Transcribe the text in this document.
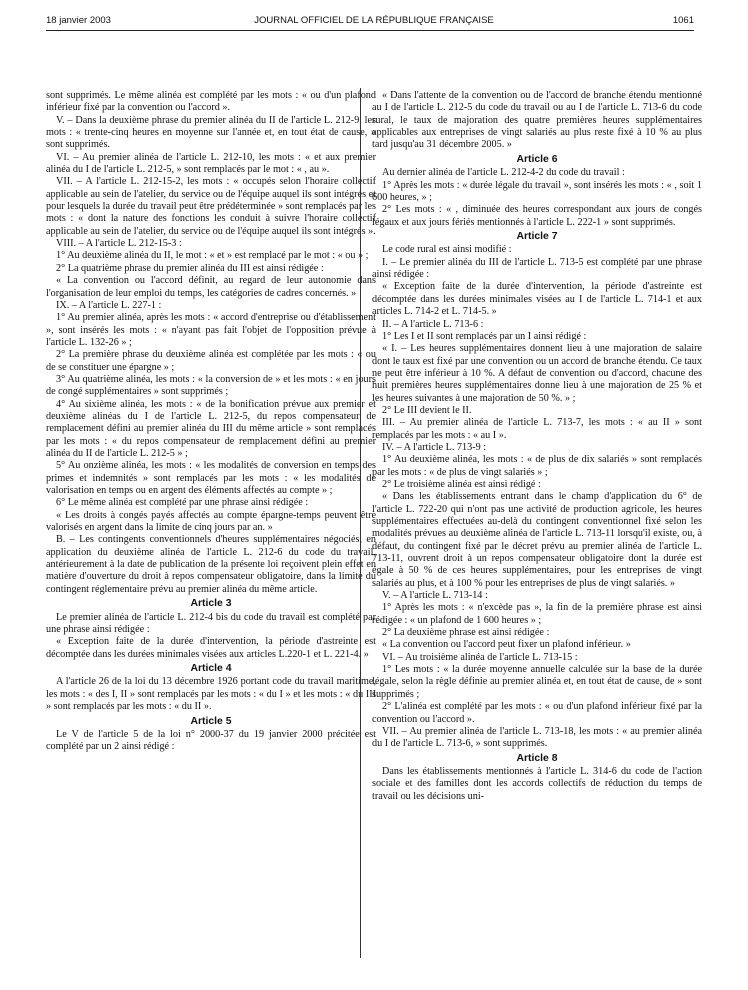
18 janvier 2003	JOURNAL OFFICIEL DE LA RÉPUBLIQUE FRANÇAISE	1061

sont supprimés. Le même alinéa est complété par les mots : « ou d'un plafond inférieur fixé par la convention ou l'accord ».

V. – Dans la deuxième phrase du premier alinéa du II de l'article L. 212-9, les mots : « trente-cinq heures en moyenne sur l'année et, en tout état de cause, » sont supprimés.

VI. – Au premier alinéa de l'article L. 212-10, les mots : « et aux premier alinéa du I de l'article L. 212-5, » sont remplacés par le mot : « , au ».

VII. – A l'article L. 212-15-2, les mots : « occupés selon l'horaire collectif applicable au sein de l'atelier, du service ou de l'équipe auquel ils sont intégrés et pour lesquels la durée du travail peut être prédéterminée » sont remplacés par les mots : « dont la nature des fonctions les conduit à suivre l'horaire collectif applicable au sein de l'atelier, du service ou de l'équipe auquel ils sont intégrés ».

VIII. – A l'article L. 212-15-3 :

1° Au deuxième alinéa du II, le mot : « et » est remplacé par le mot : « ou » ;

2° La quatrième phrase du premier alinéa du III est ainsi rédigée :

« La convention ou l'accord définit, au regard de leur autonomie dans l'organisation de leur emploi du temps, les catégories de cadres concernés. »

IX. – A l'article L. 227-1 :

1° Au premier alinéa, après les mots : « accord d'entreprise ou d'établissement », sont insérés les mots : « n'ayant pas fait l'objet de l'opposition prévue à l'article L. 132-26 » ;

2° La première phrase du deuxième alinéa est complétée par les mots : « ou de se constituer une épargne » ;

3° Au quatrième alinéa, les mots : « la conversion de » et les mots : « en jours de congé supplémentaires » sont supprimés ;

4° Au sixième alinéa, les mots : « de la bonification prévue aux premier et deuxième alinéas du I de l'article L. 212-5, du repos compensateur de remplacement défini au premier alinéa du III du même article » sont remplacés par les mots : « du repos compensateur de remplacement défini au premier alinéa du II de l'article L. 212-5 » ;

5° Au onzième alinéa, les mots : « les modalités de conversion en temps des primes et indemnités » sont remplacés par les mots : « les modalités de valorisation en temps ou en argent des éléments affectés au compte » ;

6° Le même alinéa est complété par une phrase ainsi rédigée :

« Les droits à congés payés affectés au compte épargne-temps peuvent être valorisés en argent dans la limite de cinq jours par an. »

B. – Les contingents conventionnels d'heures supplémentaires négociés, en application du deuxième alinéa de l'article L. 212-6 du code du travail, antérieurement à la date de publication de la présente loi reçoivent plein effet en matière d'ouverture du droit à repos compensateur obligatoire, dans la limite du contingent réglementaire prévu au premier alinéa du même article.

Article 3

Le premier alinéa de l'article L. 212-4 bis du code du travail est complété par une phrase ainsi rédigée :

« Exception faite de la durée d'intervention, la période d'astreinte est décomptée dans les durées minimales visées aux articles L.220-1 et L. 221-4. »

Article 4

A l'article 26 de la loi du 13 décembre 1926 portant code du travail maritime, les mots : « des I, II » sont remplacés par les mots : « du I » et les mots : « du III » sont remplacés par les mots : « du II ».

Article 5

Le V de l'article 5 de la loi n° 2000-37 du 19 janvier 2000 précitée est complété par un 2 ainsi rédigé :

« Dans l'attente de la convention ou de l'accord de branche étendu mentionné au I de l'article L. 212-5 du code du travail ou au I de l'article L. 713-6 du code rural, le taux de majoration des quatre premières heures supplémentaires applicables aux entreprises de vingt salariés au plus reste fixé à 10 % au plus tard jusqu'au 31 décembre 2005. »

Article 6

Au dernier alinéa de l'article L. 212-4-2 du code du travail :

1° Après les mots : « durée légale du travail », sont insérés les mots : « , soit 1 600 heures, » ;

2° Les mots : « , diminuée des heures correspondant aux jours de congés légaux et aux jours fériés mentionnés à l'article L. 222-1 » sont supprimés.

Article 7

Le code rural est ainsi modifié :

I. – Le premier alinéa du III de l'article L. 713-5 est complété par une phrase ainsi rédigée :

« Exception faite de la durée d'intervention, la période d'astreinte est décomptée dans les durées minimales visées au I de l'article L. 714-1 et aux articles L. 714-2 et L. 714-5. »

II. – A l'article L. 713-6 :

1° Les I et II sont remplacés par un I ainsi rédigé :

« I. – Les heures supplémentaires donnent lieu à une majoration de salaire dont le taux est fixé par une convention ou un accord de branche étendu. Ce taux ne peut être inférieur à 10 %. A défaut de convention ou d'accord, chacune des huit premières heures supplémentaires donne lieu à une majoration de 25 % et les heures suivantes à une majoration de 50 %. » ;

2° Le III devient le II.

III. – Au premier alinéa de l'article L. 713-7, les mots : « au II » sont remplacés par les mots : « au I ».

IV. – A l'article L. 713-9 :

1° Au deuxième alinéa, les mots : « de plus de dix salariés » sont remplacés par les mots : « de plus de vingt salariés » ;

2° Le troisième alinéa est ainsi rédigé :

« Dans les établissements entrant dans le champ d'application du 6° de l'article L. 722-20 qui n'ont pas une activité de production agricole, les heures supplémentaires effectuées au-delà du contingent conventionnel fixé selon les modalités prévues au deuxième alinéa de l'article L. 713-11 lorsqu'il existe, ou, à défaut, du contingent fixé par le décret prévu au premier alinéa de l'article L. 713-11, ouvrent droit à un repos compensateur obligatoire dont la durée est égale à 50 % de ces heures supplémentaires, pour les entreprises de vingt salariés au plus, et à 100 % pour les entreprises de plus de vingt salariés. »

V. – A l'article L. 713-14 :

1° Après les mots : « n'excède pas », la fin de la première phrase est ainsi rédigée : « un plafond de 1 600 heures » ;

2° La deuxième phrase est ainsi rédigée :

« La convention ou l'accord peut fixer un plafond inférieur. »

VI. – Au troisième alinéa de l'article L. 713-15 :

1° Les mots : « la durée moyenne annuelle calculée sur la base de la durée légale, selon la règle définie au premier alinéa et, en tout état de cause, de » sont supprimés ;

2° L'alinéa est complété par les mots : « ou d'un plafond inférieur fixé par la convention ou l'accord ».

VII. – Au premier alinéa de l'article L. 713-18, les mots : « au premier alinéa du I de l'article L. 713-6, » sont supprimés.

Article 8

Dans les établissements mentionnés à l'article L. 314-6 du code de l'action sociale et des familles dont les accords collectifs de réduction du temps de travail ou les décisions uni-
